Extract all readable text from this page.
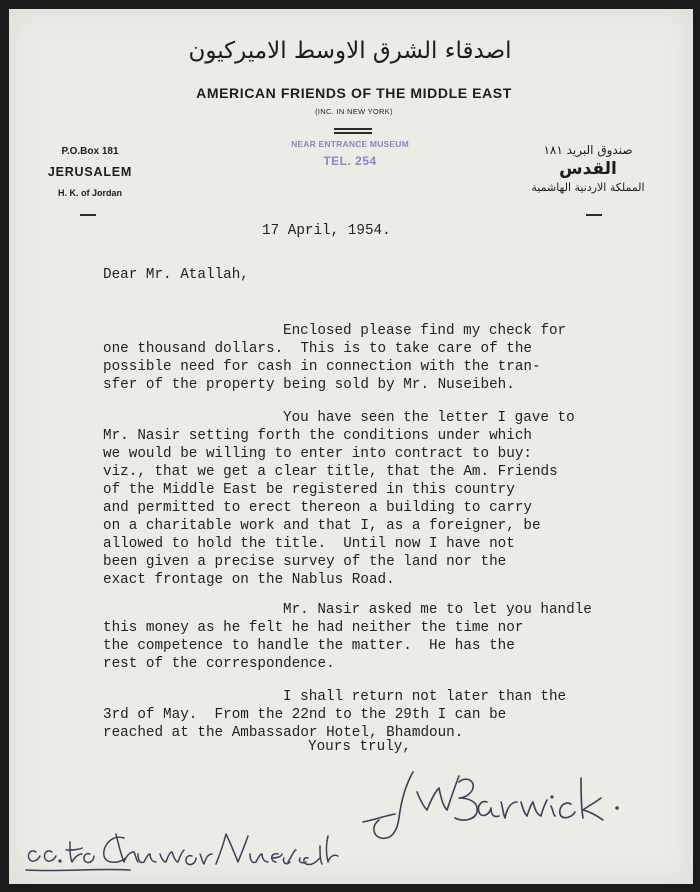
اصدقاء الشرق الاوسط الاميركيون
AMERICAN FRIENDS OF THE MIDDLE EAST
(INC. IN NEW YORK)
P.O.Box 181
JERUSALEM
H. K. of Jordan
NEAR ENTRANCE MUSEUM
TEL. 254
صندوق البريد ١٨١
القدس
المملكة الاردنية الهاشمية
17 April, 1954.
Dear Mr. Atallah,

Enclosed please find my check for
one thousand dollars.  This is to take care of the
possible need for cash in connection with the tran-
sfer of the property being sold by Mr. Nuseibeh.

You have seen the letter I gave to
Mr. Nasir setting forth the conditions under which
we would be willing to enter into contract to buy:
viz., that we get a clear title, that the Am. Friends
of the Middle East be registered in this country
and permitted to erect thereon a building to carry
on a charitable work and that I, as a foreigner, be
allowed to hold the title.  Until now I have not
been given a precise survey of the land nor the
exact frontage on the Nablus Road.

Mr. Nasir asked me to let you handle
this money as he felt he had neither the time nor
the competence to handle the matter.  He has the
rest of the correspondence.

I shall return not later than the
3rd of May.  From the 22nd to the 29th I can be
reached at the Ambassador Hotel, Bhamdoun.

Yours truly,
